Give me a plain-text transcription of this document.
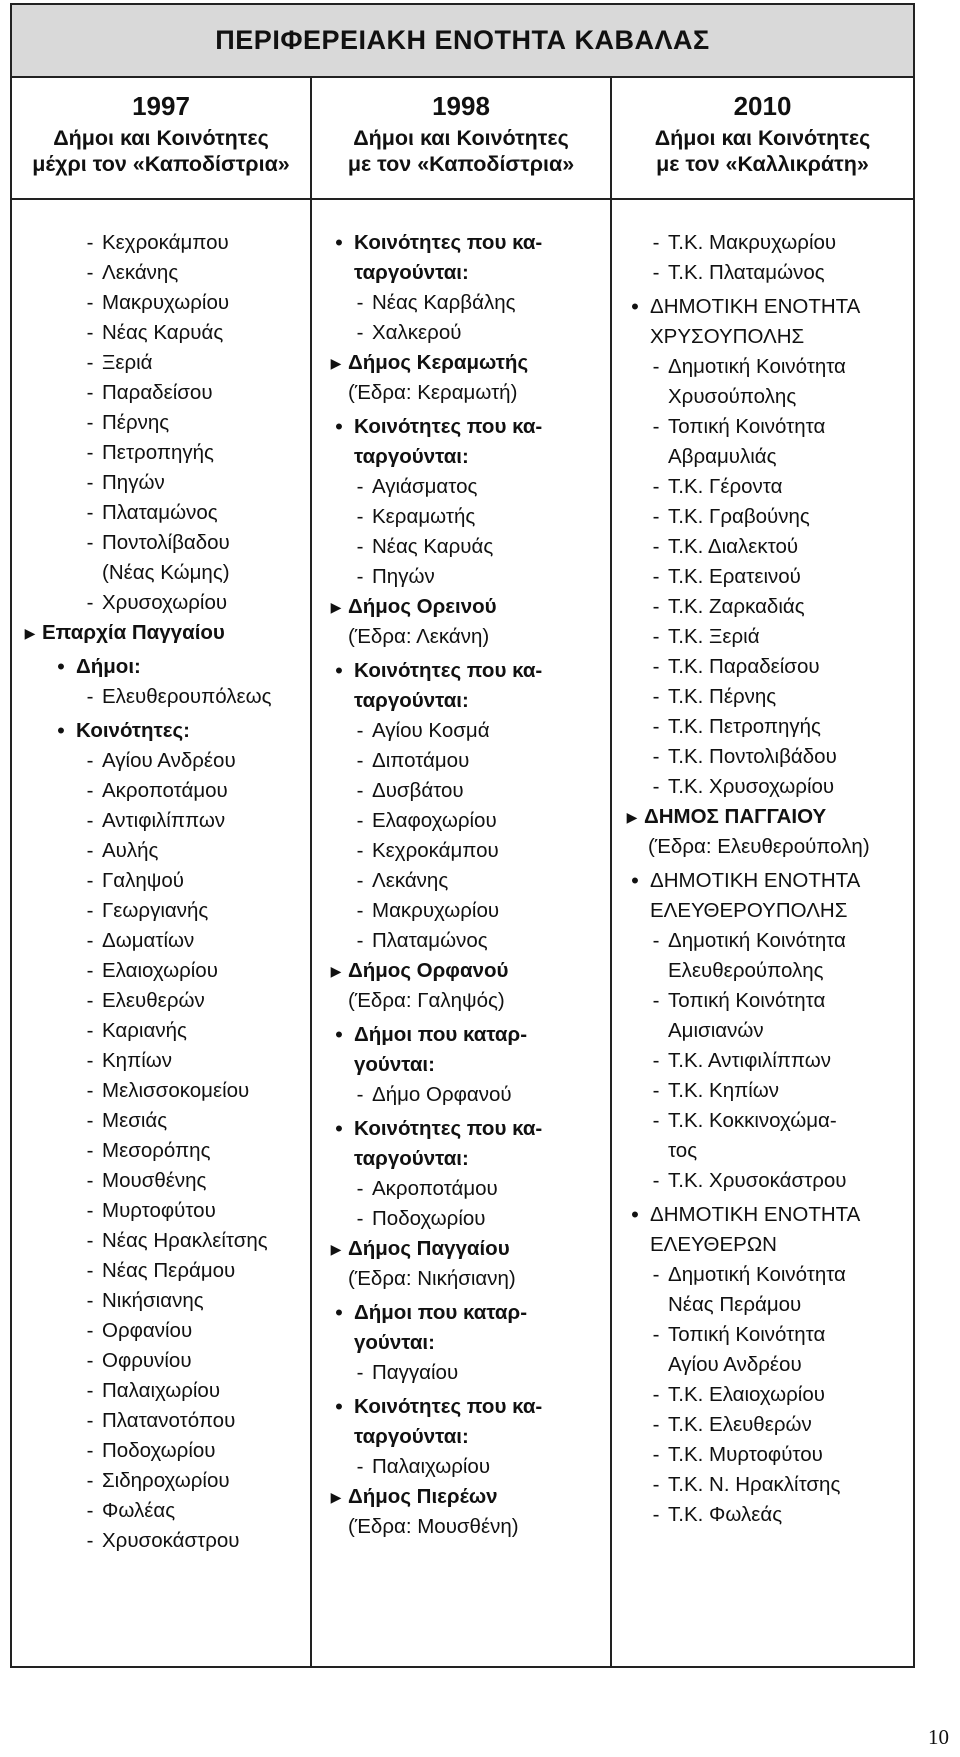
ΠΕΡΙΦΕΡΕΙΑΚΗ ΕΝΟΤΗΤΑ ΚΑΒΑΛΑΣ
1997
Δήμοι και Κοινότητες
μέχρι τον «Καποδίστρια»
1998
Δήμοι και Κοινότητες
με τον «Καποδίστρια»
2010
Δήμοι και Κοινότητες
με τον «Καλλικράτη»
- Κεχροκάμπου
- Λεκάνης
- Μακρυχωρίου
- Νέας Καρυάς
- Ξεριά
- Παραδείσου
- Πέρνης
- Πετροπηγής
- Πηγών
- Πλαταμώνος
- Ποντολίβαδου
(Νέας Κώμης)
- Χρυσοχωρίου
▶ Επαρχία Παγγαίου
• Δήμοι:
- Ελευθερουπόλεως
• Κοινότητες:
- Αγίου Ανδρέου
- Ακροποτάμου
- Αντιφιλίππων
- Αυλής
- Γαληψού
- Γεωργιανής
- Δωματίων
- Ελαιοχωρίου
- Ελευθερών
- Καριανής
- Κηπίων
- Μελισσοκομείου
- Μεσιάς
- Μεσορόπης
- Μουσθένης
- Μυρτοφύτου
- Νέας Ηρακλείτσης
- Νέας Περάμου
- Νικήσιανης
- Ορφανίου
- Οφρυνίου
- Παλαιχωρίου
- Πλατανοτόπου
- Ποδοχωρίου
- Σιδηροχωρίου
- Φωλέας
- Χρυσοκάστρου
• Κοινότητες που κα-
ταργούνται:
- Νέας Καρβάλης
- Χαλκερού
▶ Δήμος Κεραμωτής
(Έδρα: Κεραμωτή)
• Κοινότητες που κα-
ταργούνται:
- Αγιάσματος
- Κεραμωτής
- Νέας Καρυάς
- Πηγών
▶ Δήμος Ορεινού
(Έδρα: Λεκάνη)
• Κοινότητες που κα-
ταργούνται:
- Αγίου Κοσμά
- Διποτάμου
- Δυσβάτου
- Ελαφοχωρίου
- Κεχροκάμπου
- Λεκάνης
- Μακρυχωρίου
- Πλαταμώνος
▶ Δήμος Ορφανού
(Έδρα: Γαληψός)
• Δήμοι που καταρ-
γούνται:
- Δήμο Ορφανού
• Κοινότητες που κα-
ταργούνται:
- Ακροποτάμου
- Ποδοχωρίου
▶ Δήμος Παγγαίου
(Έδρα: Νικήσιανη)
• Δήμοι που καταρ-
γούνται:
- Παγγαίου
• Κοινότητες που κα-
ταργούνται:
- Παλαιχωρίου
▶ Δήμος Πιερέων
(Έδρα: Μουσθένη)
- Τ.Κ. Μακρυχωρίου
- Τ.Κ. Πλαταμώνος
• ΔΗΜΟΤΙΚΗ ΕΝΟΤΗΤΑ
ΧΡΥΣΟΥΠΟΛΗΣ
- Δημοτική Κοινότητα
Χρυσούπολης
- Τοπική Κοινότητα
Αβραμυλιάς
- Τ.Κ. Γέροντα
- Τ.Κ. Γραβούνης
- Τ.Κ. Διαλεκτού
- Τ.Κ. Ερατεινού
- Τ.Κ. Ζαρκαδιάς
- Τ.Κ. Ξεριά
- Τ.Κ. Παραδείσου
- Τ.Κ. Πέρνης
- Τ.Κ. Πετροπηγής
- Τ.Κ. Ποντολιβάδου
- Τ.Κ. Χρυσοχωρίου
▶ ΔΗΜΟΣ ΠΑΓΓΑΙΟΥ
(Έδρα: Ελευθερούπολη)
• ΔΗΜΟΤΙΚΗ ΕΝΟΤΗΤΑ
ΕΛΕΥΘΕΡΟΥΠΟΛΗΣ
- Δημοτική Κοινότητα
Ελευθερούπολης
- Τοπική Κοινότητα
Αμισιανών
- Τ.Κ. Αντιφιλίππων
- Τ.Κ. Κηπίων
- Τ.Κ. Κοκκινοχώμα-
τος
- Τ.Κ. Χρυσοκάστρου
• ΔΗΜΟΤΙΚΗ ΕΝΟΤΗΤΑ
ΕΛΕΥΘΕΡΩΝ
- Δημοτική Κοινότητα
Νέας Περάμου
- Τοπική Κοινότητα
Αγίου Ανδρέου
- Τ.Κ. Ελαιοχωρίου
- Τ.Κ. Ελευθερών
- Τ.Κ. Μυρτοφύτου
- Τ.Κ. Ν. Ηρακλίτσης
- Τ.Κ. Φωλεάς
10
